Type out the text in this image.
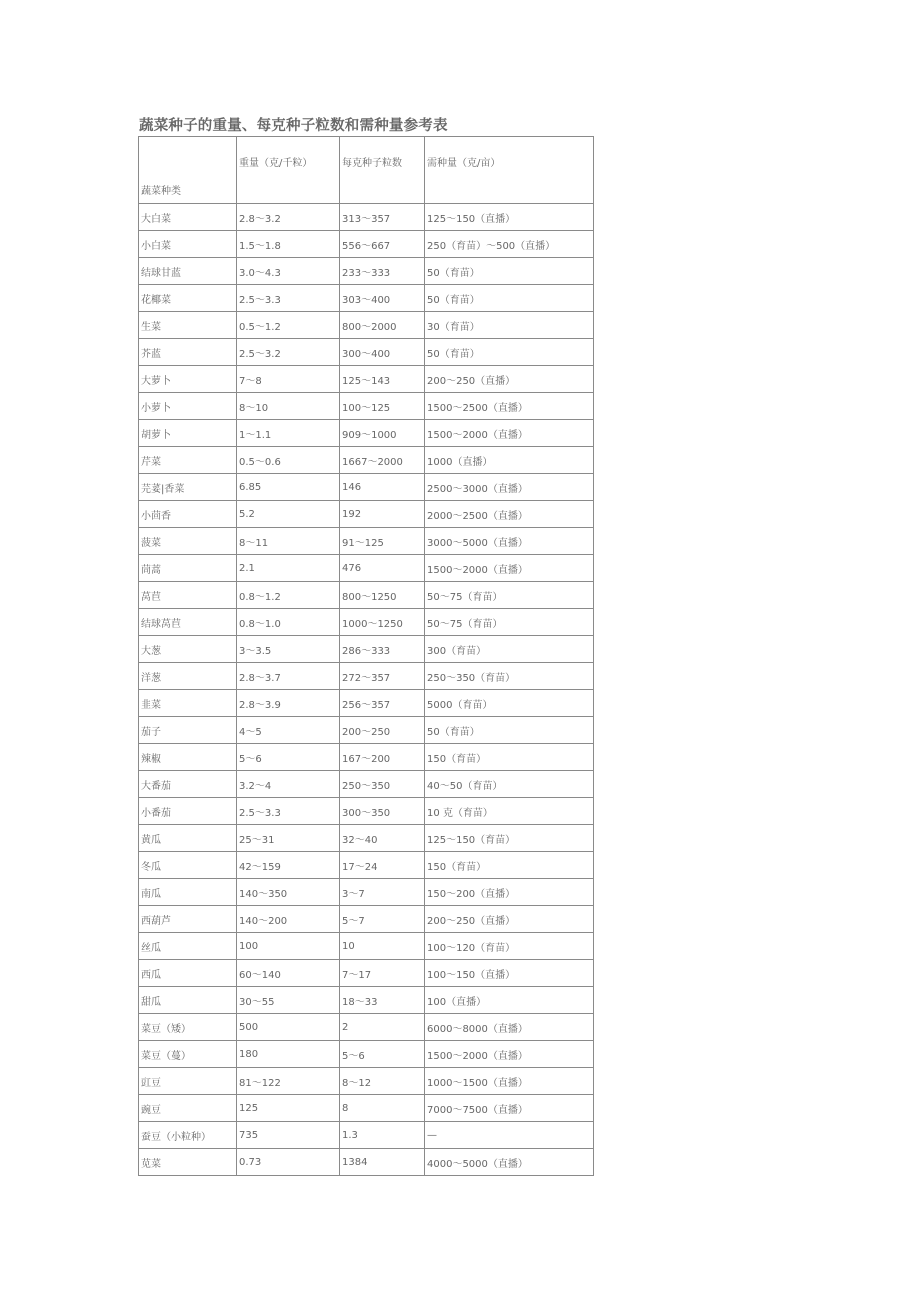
蔬菜种子的重量、每克种子粒数和需种量参考表
蔬菜种类	重量（克/千粒）	每克种子粒数	需种量（克/亩）
大白菜	2.8～3.2	313～357	125～150（直播）
小白菜	1.5～1.8	556～667	250（育苗）～500（直播）
结球甘蓝	3.0～4.3	233～333	50（育苗）
花椰菜	2.5～3.3	303～400	50（育苗）
生菜	0.5～1.2	800～2000	30（育苗）
芥蓝	2.5～3.2	300～400	50（育苗）
大萝卜	7～8	125～143	200～250（直播）
小萝卜	8～10	100～125	1500～2500（直播）
胡萝卜	1～1.1	909～1000	1500～2000（直播）
芹菜	0.5～0.6	1667～2000	1000（直播）
芫荽|香菜	6.85	146	2500～3000（直播）
小茴香	5.2	192	2000～2500（直播）
菠菜	8～11	91～125	3000～5000（直播）
茼蒿	2.1	476	1500～2000（直播）
莴苣	0.8～1.2	800～1250	50～75（育苗）
结球莴苣	0.8～1.0	1000～1250	50～75（育苗）
大葱	3～3.5	286～333	300（育苗）
洋葱	2.8～3.7	272～357	250～350（育苗）
韭菜	2.8～3.9	256～357	5000（育苗）
茄子	4～5	200～250	50（育苗）
辣椒	5～6	167～200	150（育苗）
大番茄	3.2～4	250～350	40～50（育苗）
小番茄	2.5～3.3	300～350	10 克（育苗）
黄瓜	25～31	32～40	125～150（育苗）
冬瓜	42～159	17～24	150（育苗）
南瓜	140～350	3～7	150～200（直播）
西葫芦	140～200	5～7	200～250（直播）
丝瓜	100	10	100～120（育苗）
西瓜	60～140	7～17	100～150（直播）
甜瓜	30～55	18～33	100（直播）
菜豆（矮）	500	2	6000～8000（直播）
菜豆（蔓）	180	5～6	1500～2000（直播）
豇豆	81～122	8～12	1000～1500（直播）
豌豆	125	8	7000～7500（直播）
蚕豆（小粒种）	735	1.3	—
苋菜	0.73	1384	4000～5000（直播）
